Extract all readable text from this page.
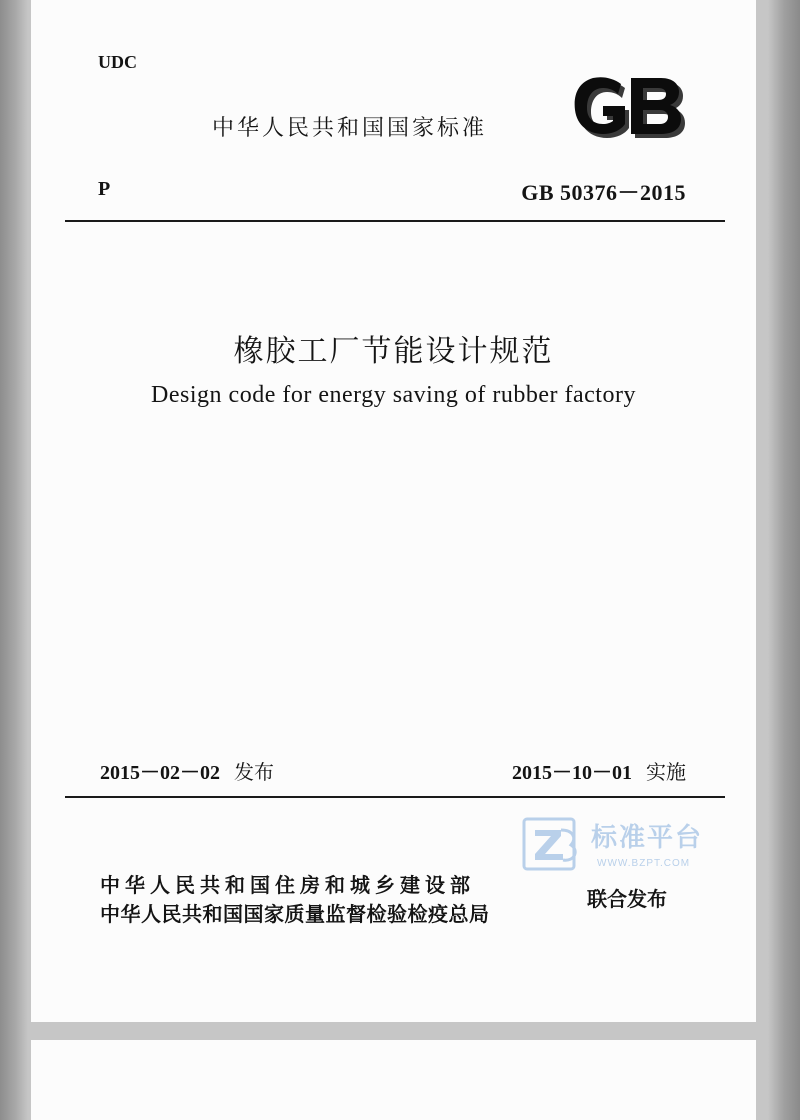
UDC
中华人民共和国国家标准
P	GB 50376－2015
橡胶工厂节能设计规范
Design code for energy saving of rubber factory
2015－02－02 发布	2015－10－01 实施
标准平台
WWW.BZPT.COM
中华人民共和国住房和城乡建设部
中华人民共和国国家质量监督检验检疫总局
联合发布
